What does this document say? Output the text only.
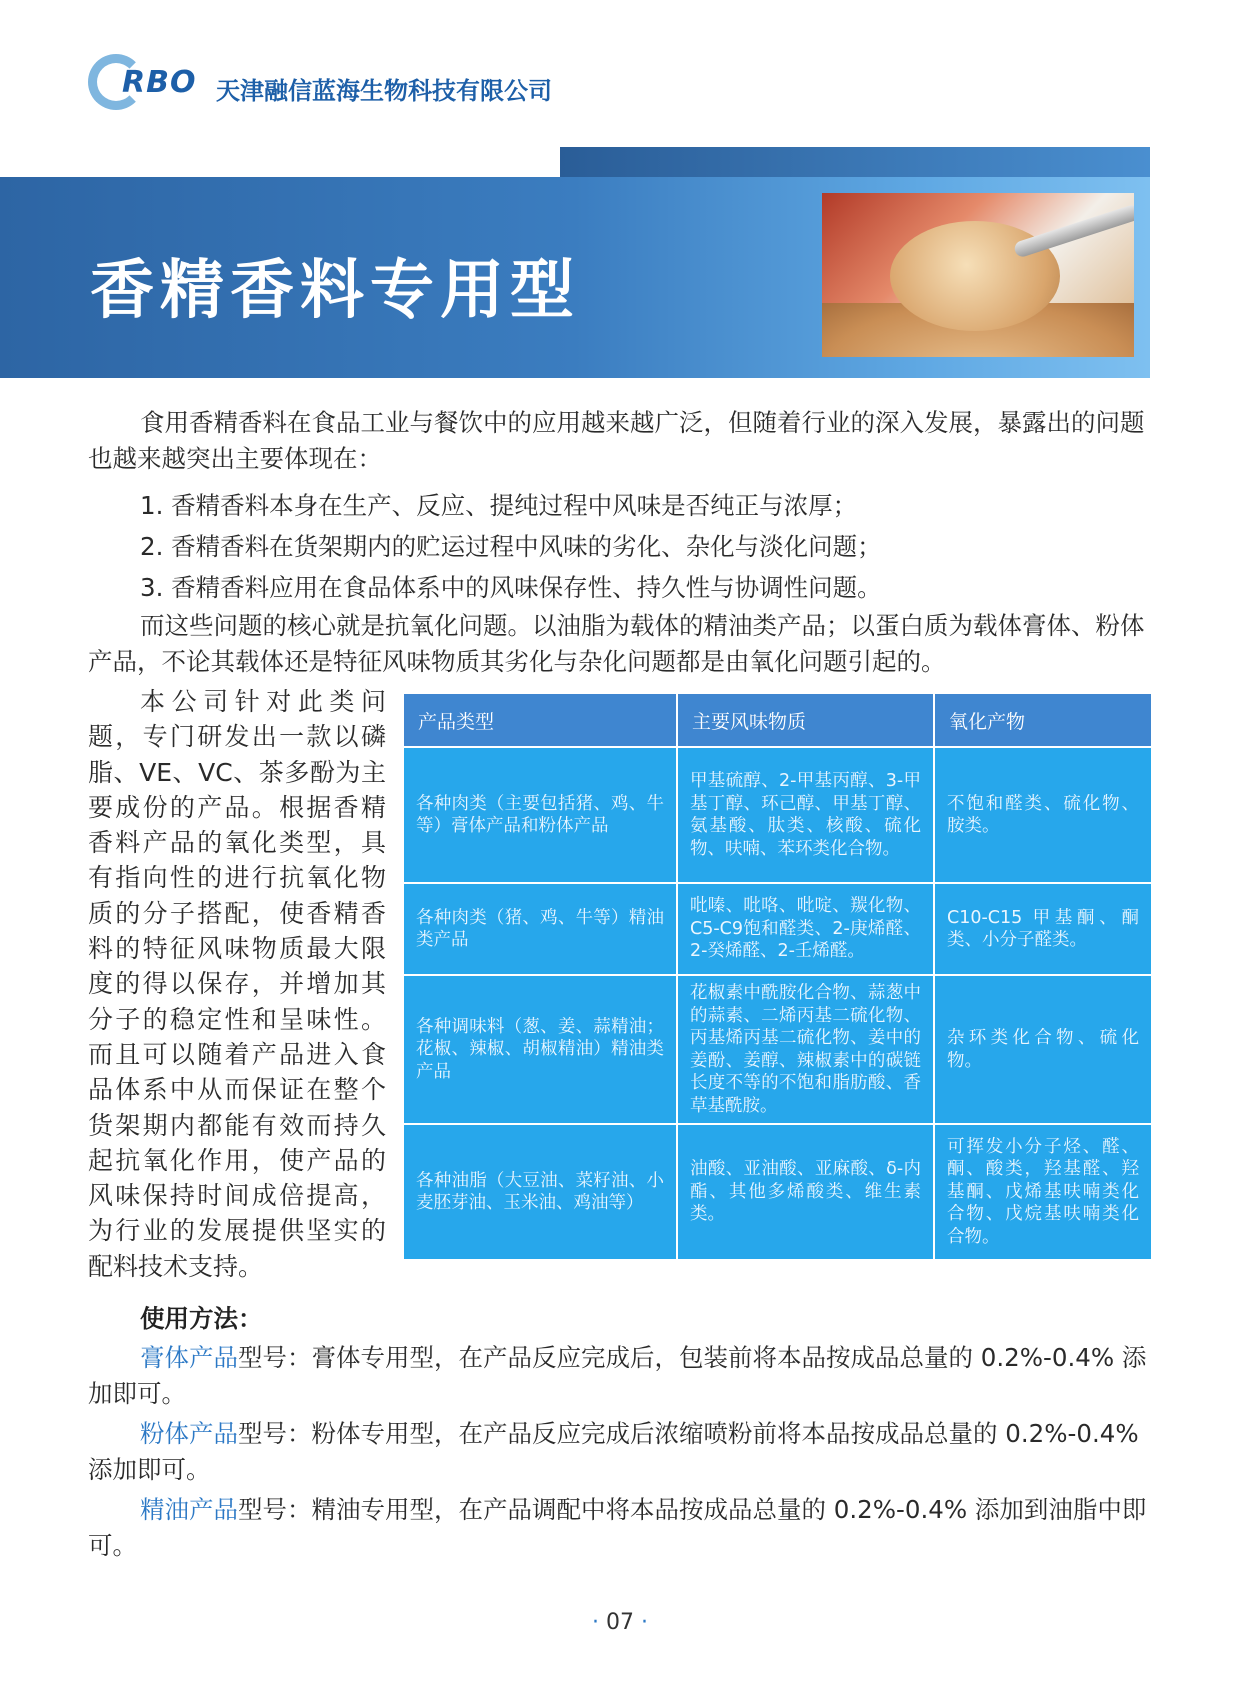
RBO 天津融信蓝海生物科技有限公司
香精香料专用型
食用香精香料在食品工业与餐饮中的应用越来越广泛，但随着行业的深入发展，暴露出的问题也越来越突出主要体现在：
1. 香精香料本身在生产、反应、提纯过程中风味是否纯正与浓厚；
2. 香精香料在货架期内的贮运过程中风味的劣化、杂化与淡化问题；
3. 香精香料应用在食品体系中的风味保存性、持久性与协调性问题。
而这些问题的核心就是抗氧化问题。以油脂为载体的精油类产品；以蛋白质为载体膏体、粉体产品，不论其载体还是特征风味物质其劣化与杂化问题都是由氧化问题引起的。
本公司针对此类问题，专门研发出一款以磷脂、VE、VC、茶多酚为主要成份的产品。根据香精香料产品的氧化类型，具有指向性的进行抗氧化物质的分子搭配，使香精香料的特征风味物质最大限度的得以保存，并增加其分子的稳定性和呈味性。而且可以随着产品进入食品体系中从而保证在整个货架期内都能有效而持久起抗氧化作用，使产品的风味保持时间成倍提高，为行业的发展提供坚实的配料技术支持。
产品类型	主要风味物质	氧化产物
各种肉类（主要包括猪、鸡、牛等）膏体产品和粉体产品	甲基硫醇、2-甲基丙醇、3-甲基丁醇、环己醇、甲基丁醇、氨基酸、肽类、核酸、硫化物、呋喃、苯环类化合物。	不饱和醛类、硫化物、胺类。
各种肉类（猪、鸡、牛等）精油类产品	吡嗪、吡咯、吡啶、羰化物、C5-C9饱和醛类、2-庚烯醛、2-癸烯醛、2-壬烯醛。	C10-C15 甲基酮、酮类、小分子醛类。
各种调味料（葱、姜、蒜精油；花椒、辣椒、胡椒精油）精油类产品	花椒素中酰胺化合物、蒜葱中的蒜素、二烯丙基二硫化物、丙基烯丙基二硫化物、姜中的姜酚、姜醇、辣椒素中的碳链长度不等的不饱和脂肪酸、香草基酰胺。	杂环类化合物、硫化物。
各种油脂（大豆油、菜籽油、小麦胚芽油、玉米油、鸡油等）	油酸、亚油酸、亚麻酸、δ-内酯、其他多烯酸类、维生素类。	可挥发小分子烃、醛、酮、酸类，羟基醛、羟基酮、戊烯基呋喃类化合物、戊烷基呋喃类化合物。
使用方法：
膏体产品型号：膏体专用型，在产品反应完成后，包装前将本品按成品总量的 0.2%-0.4% 添加即可。
粉体产品型号：粉体专用型，在产品反应完成后浓缩喷粉前将本品按成品总量的 0.2%-0.4% 添加即可。
精油产品型号：精油专用型，在产品调配中将本品按成品总量的 0.2%-0.4% 添加到油脂中即可。
· 07 ·
